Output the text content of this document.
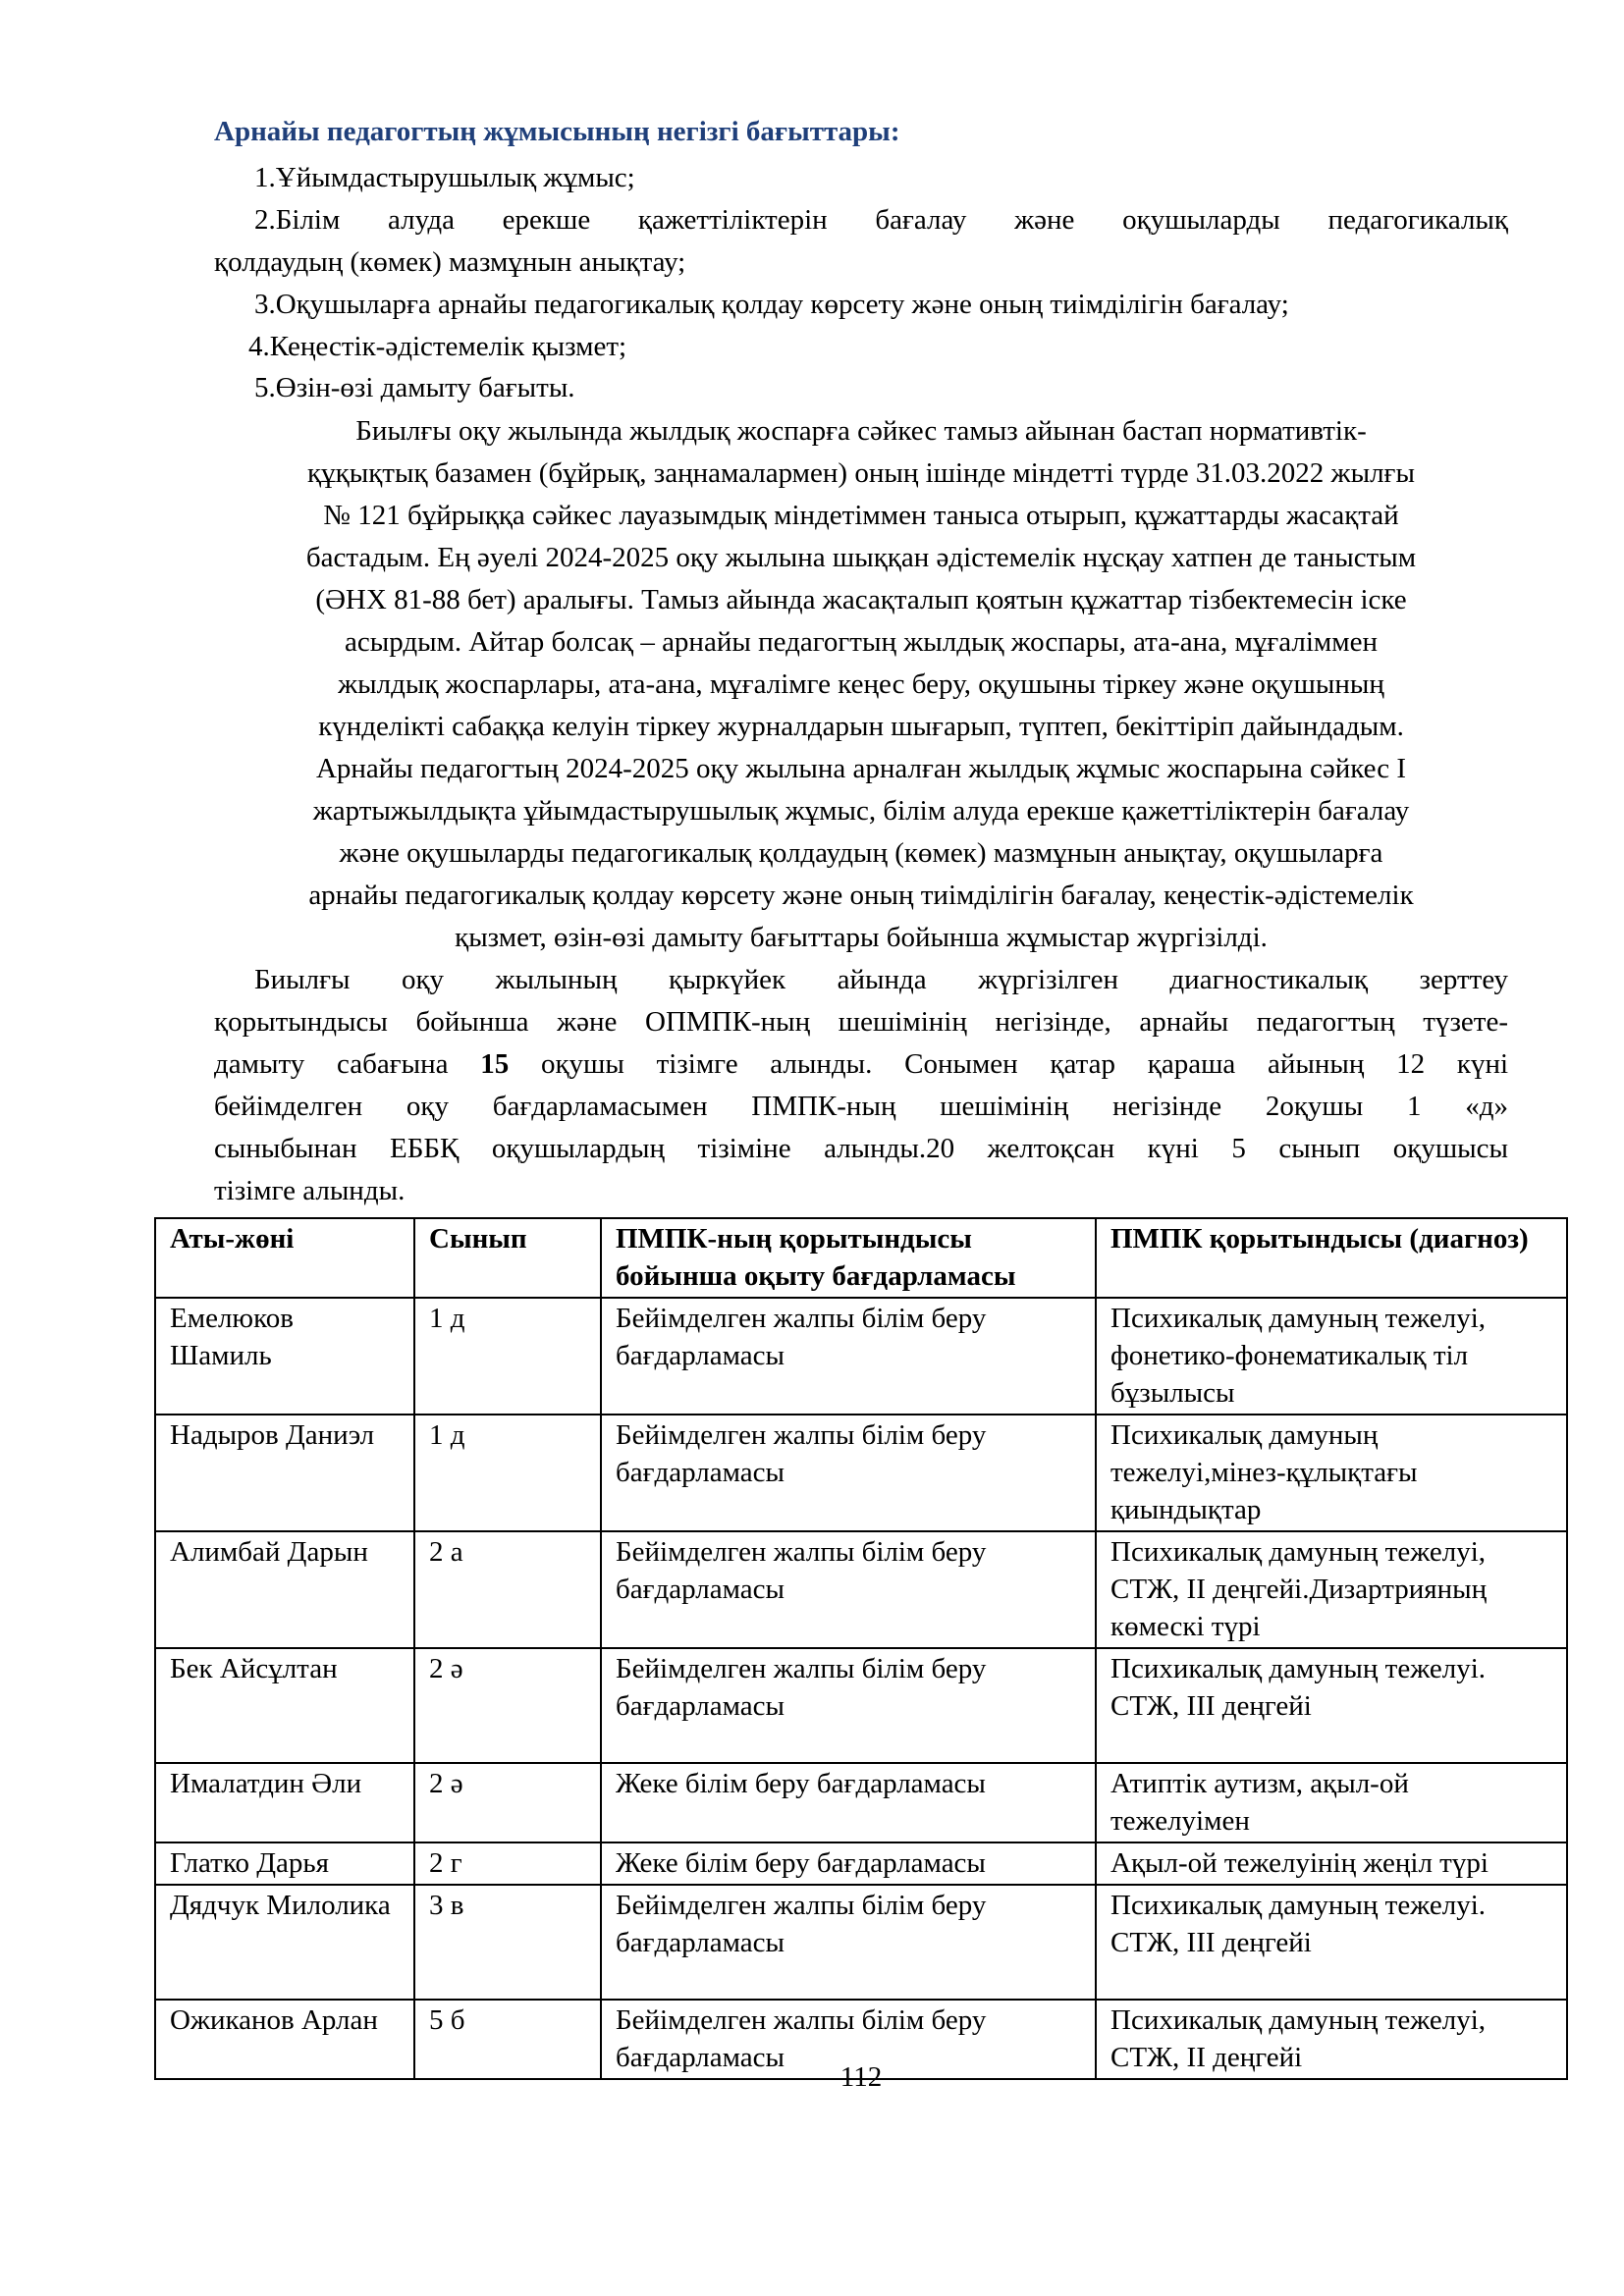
Арнайы педагогтың жұмысының негізгі бағыттары:
1.Ұйымдастырушылық жұмыс;
2.Білім алуда ерекше қажеттіліктерін бағалау және оқушыларды педагогикалық
қолдаудың (көмек) мазмұнын анықтау;
3.Оқушыларға арнайы педагогикалық қолдау көрсету және оның тиімділігін бағалау;
4.Кеңестік-әдістемелік қызмет;
5.Өзін-өзі дамыту бағыты.
Биылғы оқу жылында жылдық жоспарға сәйкес тамыз айынан бастап нормативтік-
құқықтық базамен (бұйрық, заңнамалармен) оның ішінде міндетті түрде 31.03.2022 жылғы
№ 121 бұйрыққа сәйкес лауазымдық міндетіммен таныса отырып, құжаттарды жасақтай
бастадым. Ең әуелі 2024-2025 оқу жылына шыққан әдістемелік нұсқау хатпен де таныстым
(ӘНХ 81-88 бет) аралығы. Тамыз айында жасақталып қоятын құжаттар тізбектемесін іске
асырдым. Айтар болсақ – арнайы педагогтың жылдық жоспары, ата-ана, мұғаліммен
жылдық жоспарлары, ата-ана, мұғалімге кеңес беру, оқушыны тіркеу және оқушының
күнделікті сабаққа келуін тіркеу журналдарын шығарып, түптеп, бекіттіріп дайындадым.
Арнайы педагогтың 2024-2025 оқу жылына арналған жылдық жұмыс жоспарына сәйкес І
жартыжылдықта ұйымдастырушылық жұмыс, білім алуда ерекше қажеттіліктерін бағалау
және оқушыларды педагогикалық қолдаудың (көмек) мазмұнын анықтау, оқушыларға
арнайы педагогикалық қолдау көрсету және оның тиімділігін бағалау, кеңестік-әдістемелік
қызмет, өзін-өзі дамыту бағыттары бойынша жұмыстар жүргізілді.
Биылғы оқу жылының қыркүйек айында жүргізілген диагностикалық зерттеу
қорытындысы бойынша және ОПМПК-ның шешімінің негізінде, арнайы педагогтың түзете-
дамыту сабағына 15 оқушы тізімге алынды. Сонымен қатар қараша айының 12 күні
бейімделген оқу бағдарламасымен ПМПК-ның шешімінің негізінде 2оқушы 1 «д»
сыныбынан ЕББҚ оқушылардың тізіміне алынды.20 желтоқсан күні 5 сынып оқушысы
тізімге алынды.
Аты-жөні	Сынып	ПМПК-ның қорытындысы бойынша оқыту бағдарламасы	ПМПК қорытындысы (диагноз)
Емелюков Шамиль	1 д	Бейімделген жалпы білім беру бағдарламасы	Психикалық дамуның тежелуі, фонетико-фонематикалық тіл бұзылысы
Надыров Даниэл	1 д	Бейімделген жалпы білім беру бағдарламасы	Психикалық дамуның тежелуі,мінез-құлықтағы қиындықтар
Алимбай Дарын	2 а	Бейімделген жалпы білім беру бағдарламасы	Психикалық дамуның тежелуі, СТЖ, ІІ деңгейі.Дизартрияның көмескі түрі
Бек Айсұлтан	2 ә	Бейімделген жалпы білім беру бағдарламасы	Психикалық дамуның тежелуі. СТЖ, ІІІ деңгейі
Ималатдин Әли	2 ә	Жеке білім беру бағдарламасы	Атиптік аутизм, ақыл-ой тежелуімен
Глатко Дарья	2 г	Жеке білім беру бағдарламасы	Ақыл-ой тежелуінің жеңіл түрі
Дядчук Милолика	3 в	Бейімделген жалпы білім беру бағдарламасы	Психикалық дамуның тежелуі. СТЖ, ІІІ деңгейі
Ожиканов Арлан	5 б	Бейімделген жалпы білім беру бағдарламасы	Психикалық дамуның тежелуі, СТЖ, ІІ деңгейі
112
